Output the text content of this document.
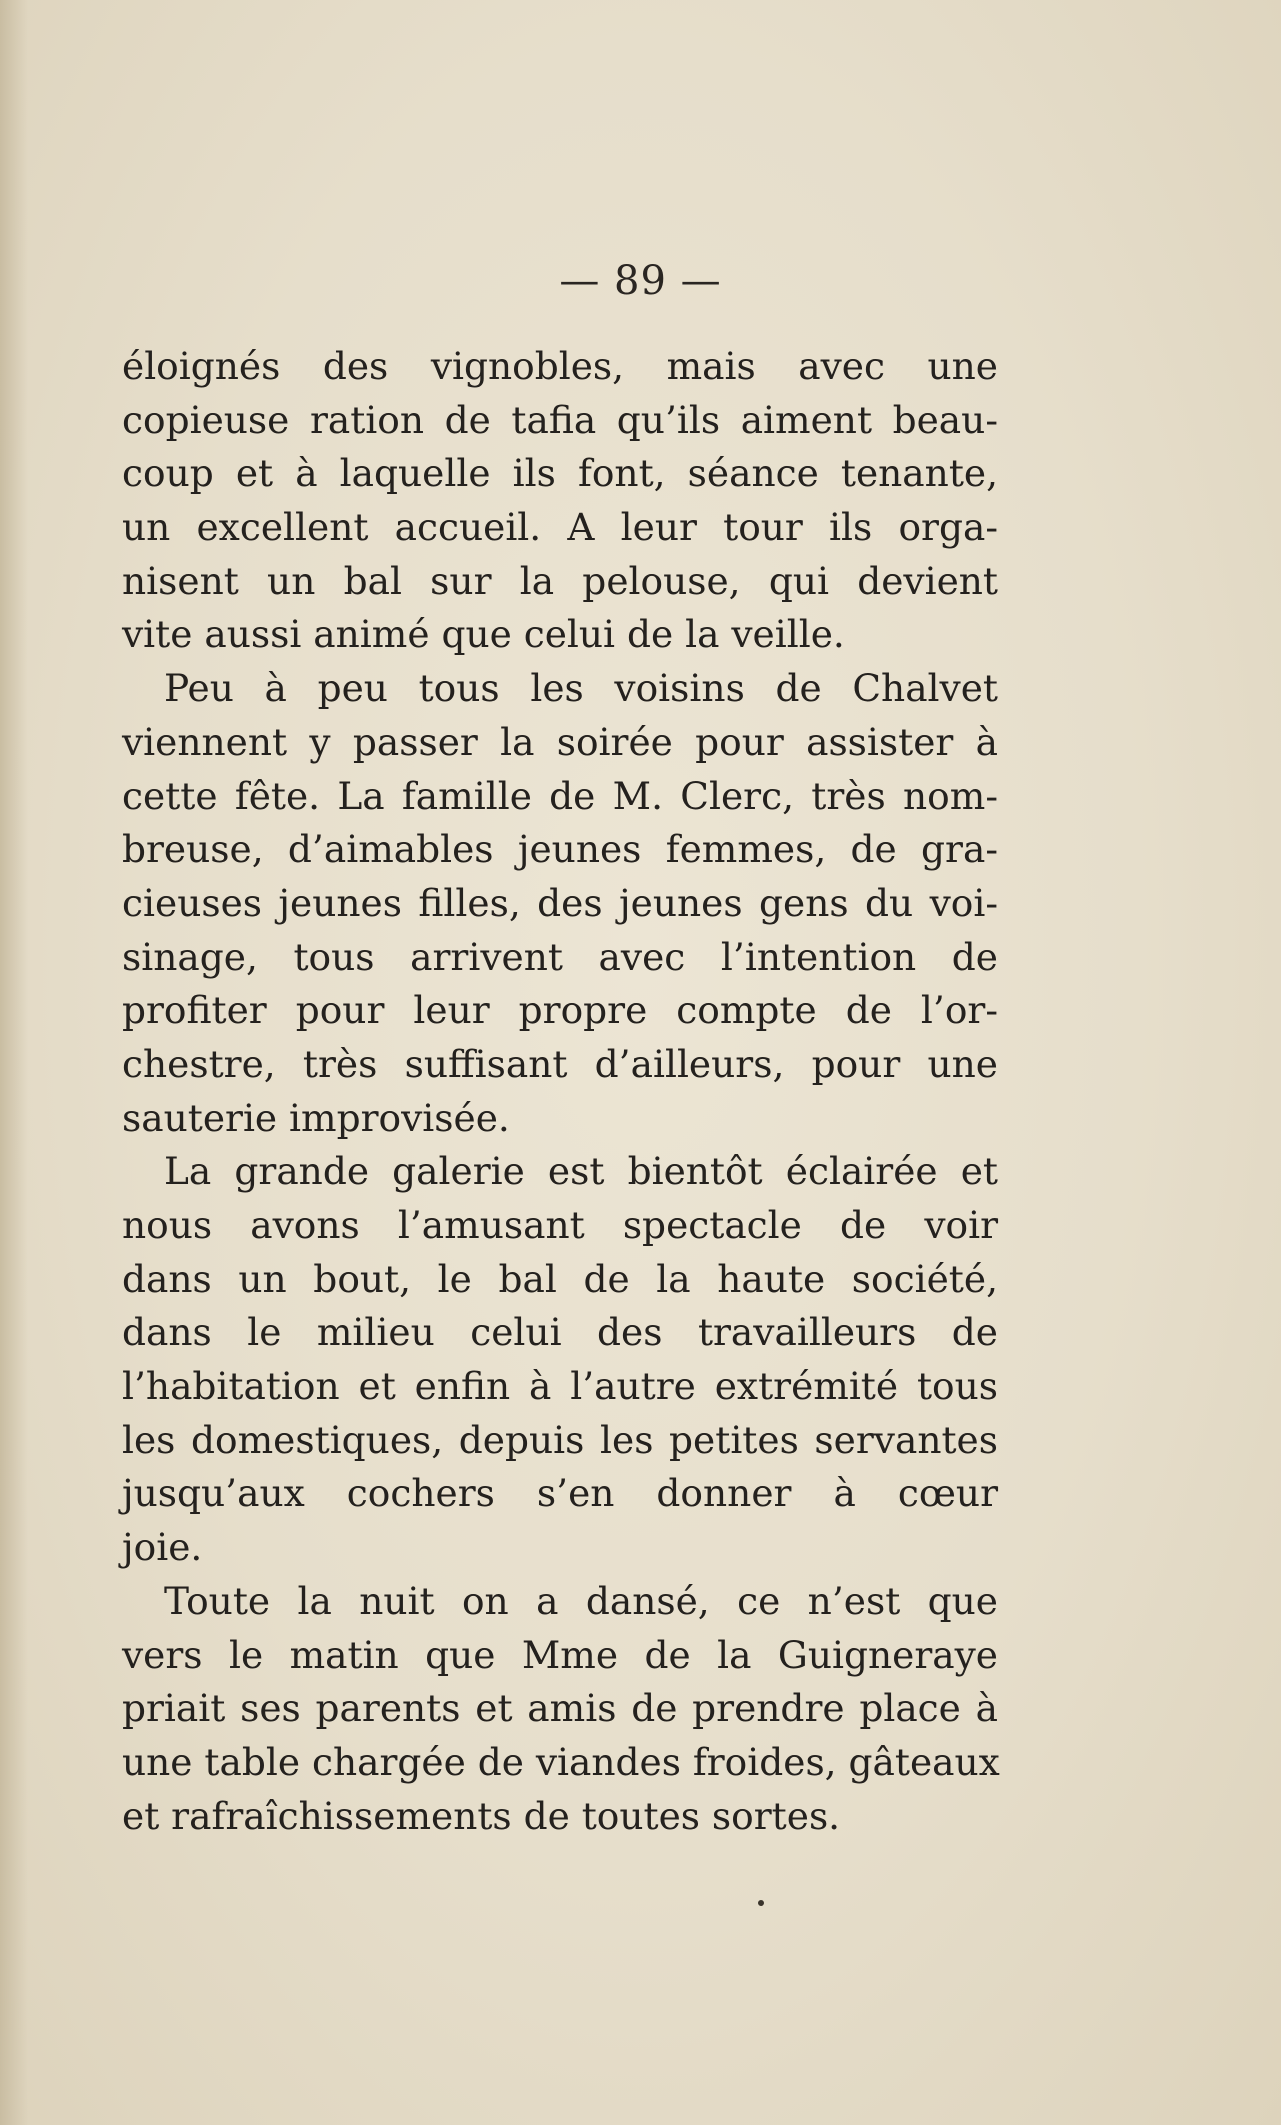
— 89 —
éloignés des vignobles, mais avec une
copieuse ration de tafia qu’ils aiment beau-
coup et à laquelle ils font, séance tenante,
un excellent accueil. A leur tour ils orga-
nisent un bal sur la pelouse, qui devient
vite aussi animé que celui de la veille.
Peu à peu tous les voisins de Chalvet
viennent y passer la soirée pour assister à
cette fête. La famille de M. Clerc, très nom-
breuse, d’aimables jeunes femmes, de gra-
cieuses jeunes filles, des jeunes gens du voi-
sinage, tous arrivent avec l’intention de
profiter pour leur propre compte de l’or-
chestre, très suffisant d’ailleurs, pour une
sauterie improvisée.
La grande galerie est bientôt éclairée et
nous avons l’amusant spectacle de voir
dans un bout, le bal de la haute société,
dans le milieu celui des travailleurs de
l’habitation et enfin à l’autre extrémité tous
les domestiques, depuis les petites servantes
jusqu’aux cochers s’en donner à cœur
joie.
Toute la nuit on a dansé, ce n’est que
vers le matin que Mme de la Guigneraye
priait ses parents et amis de prendre place à
une table chargée de viandes froides, gâteaux
et rafraîchissements de toutes sortes.
